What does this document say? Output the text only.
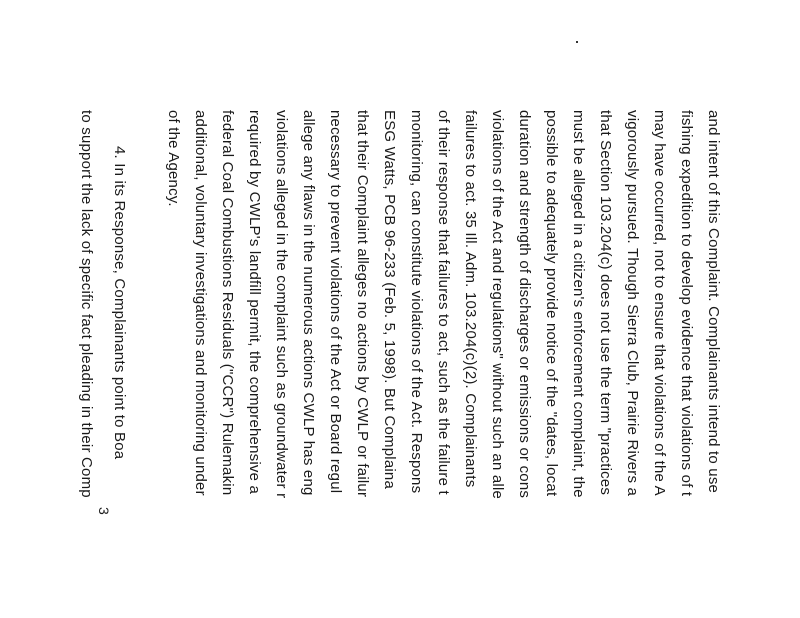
and intent of this Complaint. Complainants intend to use
fishing expedition to develop evidence that violations of t
may have occurred, not to ensure that violations of the A
vigorously pursued. Though Sierra Club, Prairie Rivers a
that Section 103.204(c) does not use the term "practices
must be alleged in a citizen's enforcement complaint, the
possible to adequately provide notice of the "dates, locat
duration and strength of discharges or emissions or cons
violations of the Act and regulations" without such an alle
failures to act. 35 Ill. Adm. 103.204(c)(2). Complainants
of their response that failures to act, such as the failure t
monitoring, can constitute violations of the Act. Respons
ESG Watts, PCB 96-233 (Feb. 5, 1998). But Complaina
that their Complaint alleges no actions by CWLP or failur
necessary to prevent violations of the Act or Board regul
allege any flaws in the numerous actions CWLP has eng
violations alleged in the complaint such as groundwater r
required by CWLP's landfill permit, the comprehensive a
federal Coal Combustions Residuals ("CCR") Rulemakin
additional, voluntary investigations and monitoring under
of the Agency.
4. In its Response, Complainants point to Boa
to support the lack of specific fact pleading in their Comp
3
